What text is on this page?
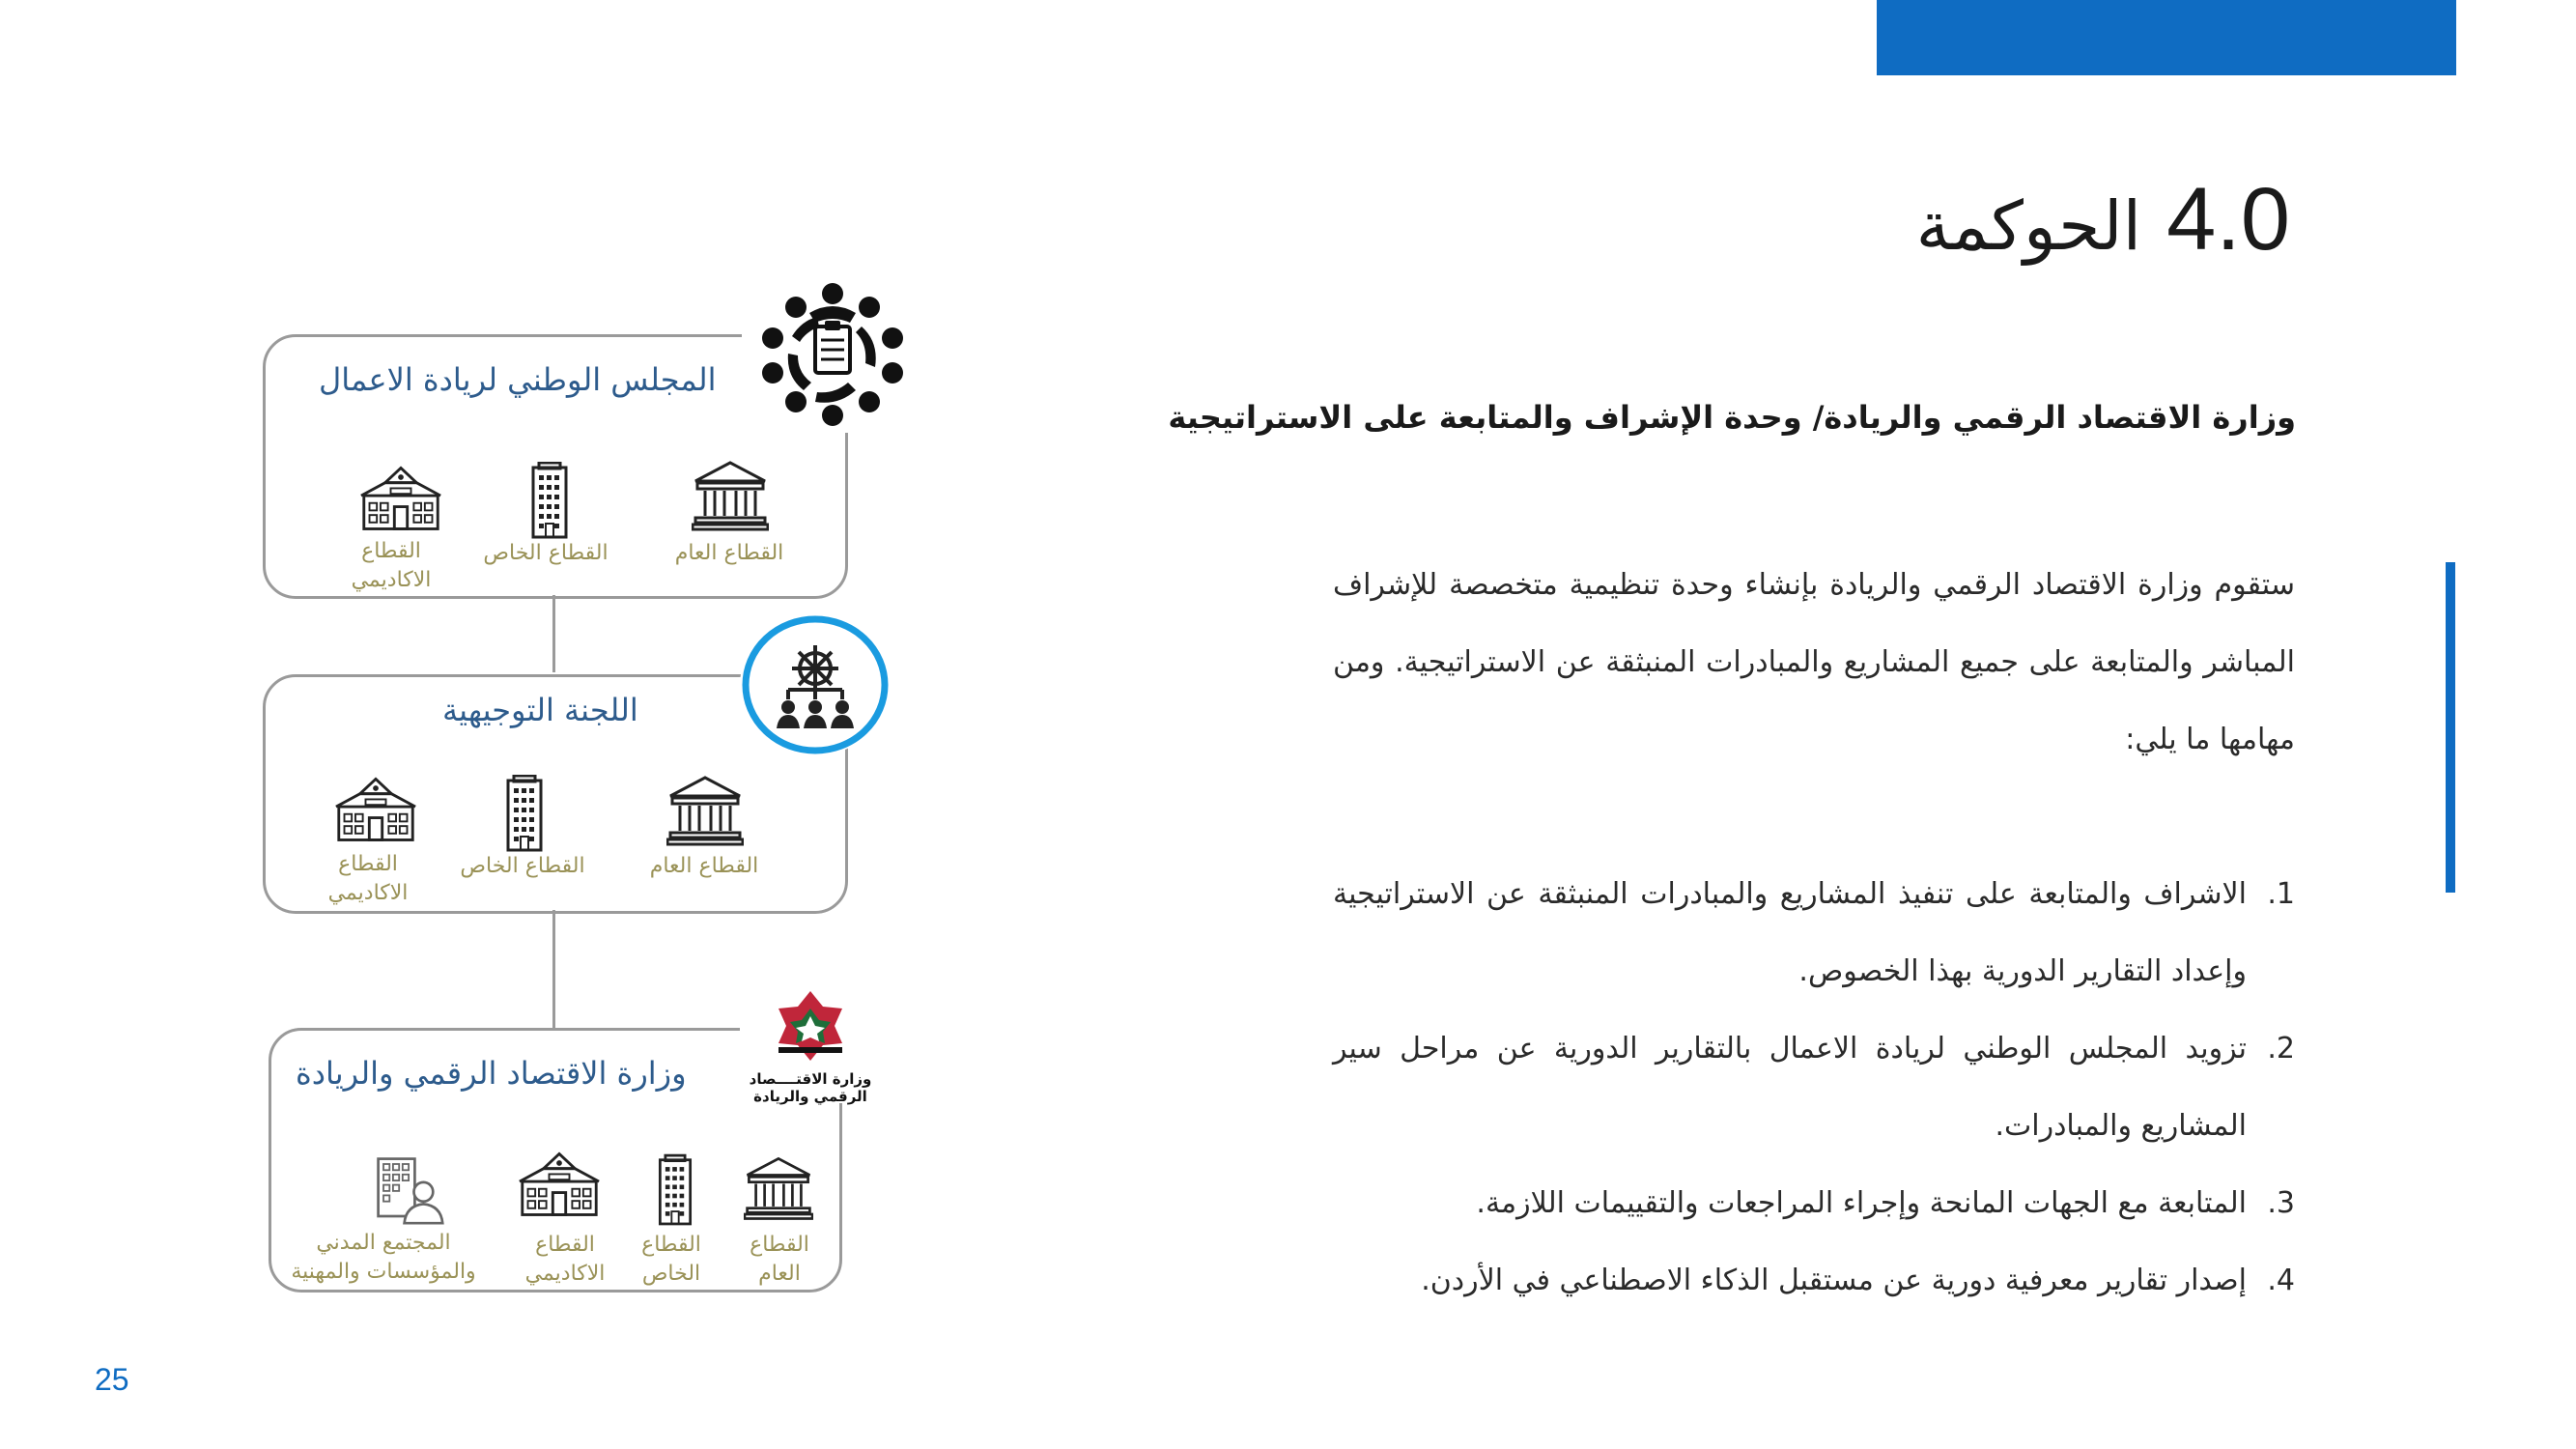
4.0الحوكمة
وزارة الاقتصاد الرقمي والريادة/ وحدة الإشراف والمتابعة على الاستراتيجية
ستقوم وزارة الاقتصاد الرقمي والريادة بإنشاء وحدة تنظيمية متخصصة للإشراف المباشر والمتابعة على جميع المشاريع والمبادرات المنبثقة عن الاستراتيجية. ومن مهامها ما يلي:
1.
الاشراف والمتابعة على تنفيذ المشاريع والمبادرات المنبثقة عن الاستراتيجية وإعداد التقارير الدورية بهذا الخصوص.
2.
تزويد المجلس الوطني لريادة الاعمال بالتقارير الدورية عن مراحل سير المشاريع والمبادرات.
3.
المتابعة مع الجهات المانحة وإجراء المراجعات والتقييمات اللازمة.
4.
إصدار تقارير معرفية دورية عن مستقبل الذكاء الاصطناعي في الأردن.
المجلس الوطني لريادة الاعمال
القطاع العام
القطاع الخاص
القطاع الاكاديمي
اللجنة التوجيهية
القطاع العام
القطاع الخاص
القطاع الاكاديمي
وزارة الاقتــــصاد الرقمي والريادة
وزارة الاقتصاد الرقمي والريادة
القطاع العام
القطاع الخاص
القطاع الاكاديمي
المجتمع المدني والمؤسسات والمهنية
25
